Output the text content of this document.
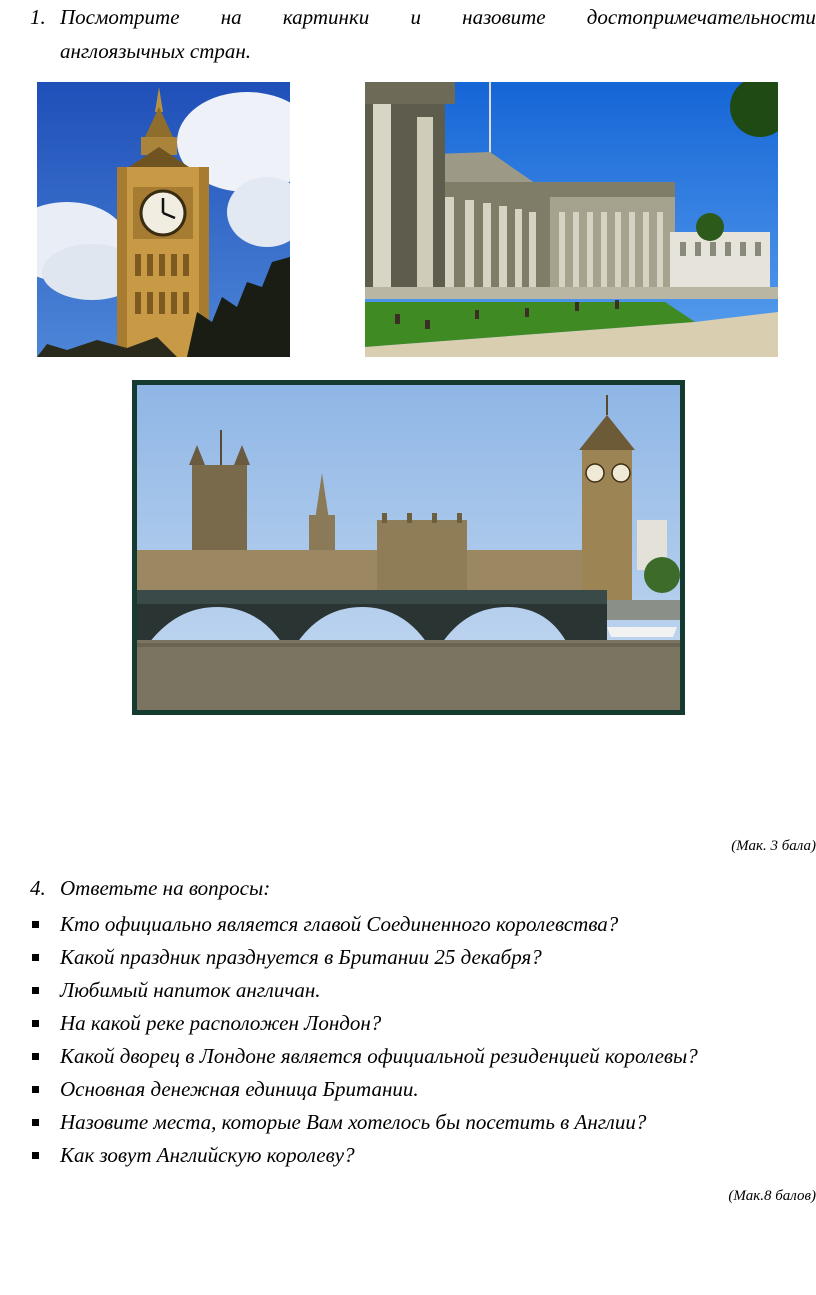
1. Посмотрите на картинки и назовите достопримечательности
англоязычных стран.
(Мак. 3 бала)
4. Ответьте на вопросы:
Кто официально является главой Соединенного королевства?
Какой праздник празднуется в Британии 25 декабря?
Любимый напиток англичан.
На какой реке расположен Лондон?
Какой дворец в Лондоне является официальной резиденцией королевы?
Основная денежная единица Британии.
Назовите места, которые Вам хотелось бы посетить в Англии?
Как зовут Английскую королеву?
(Мак.8 балов)
